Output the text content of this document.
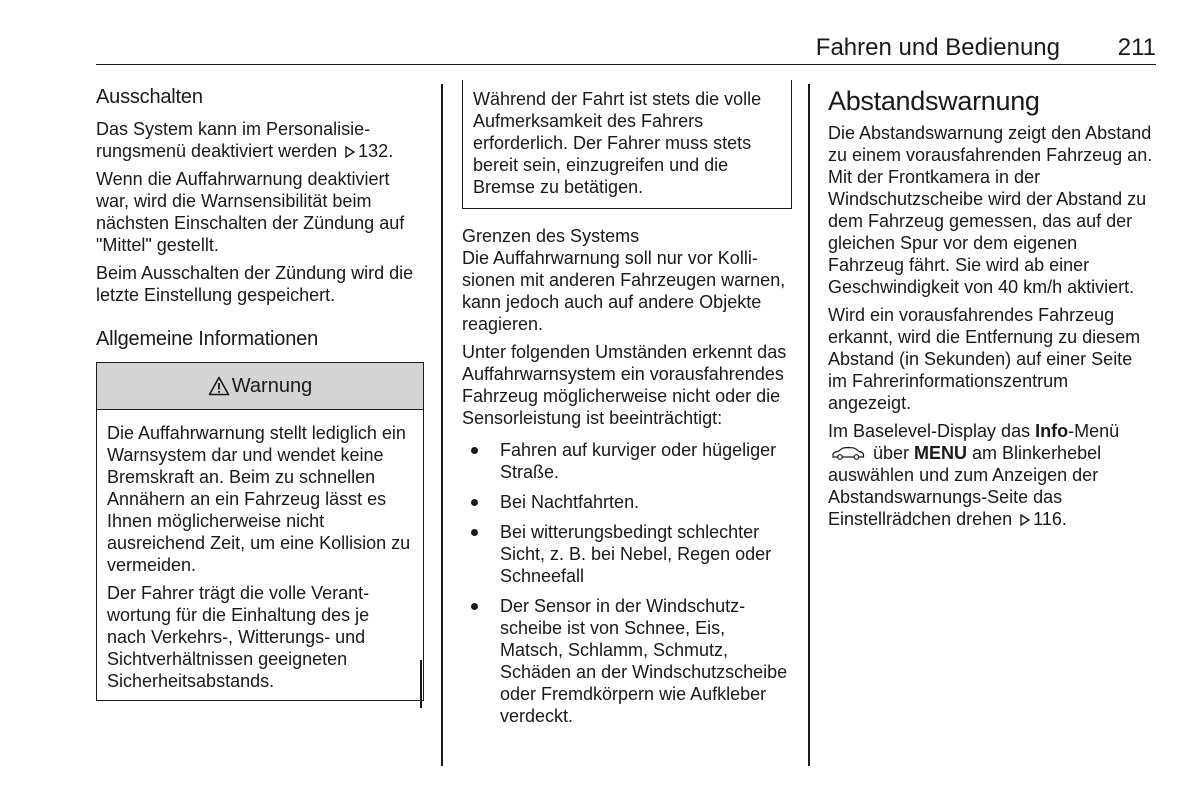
Fahren und Bedienung 211
Ausschalten

Das System kann im Personalisierungsmenü deaktiviert werden 132.

Wenn die Auffahrwarnung deaktiviert war, wird die Warnsensibilität beim nächsten Einschalten der Zündung auf "Mittel" gestellt.

Beim Ausschalten der Zündung wird die letzte Einstellung gespeichert.

Allgemeine Informationen
Warnung

Die Auffahrwarnung stellt lediglich ein Warnsystem dar und wendet keine Bremskraft an. Beim zu schnellen Annähern an ein Fahrzeug lässt es Ihnen möglicherweise nicht ausreichend Zeit, um eine Kollision zu vermeiden.

Der Fahrer trägt die volle Verantwortung für die Einhaltung des je nach Verkehrs-, Witterungs- und Sichtverhältnissen geeigneten Sicherheitsabstands.

Während der Fahrt ist stets die volle Aufmerksamkeit des Fahrers erforderlich. Der Fahrer muss stets bereit sein, einzugreifen und die Bremse zu betätigen.
Grenzen des Systems

Die Auffahrwarnung soll nur vor Kollisionen mit anderen Fahrzeugen warnen, kann jedoch auch auf andere Objekte reagieren.

Unter folgenden Umständen erkennt das Auffahrwarnsystem ein vorausfahrendes Fahrzeug möglicherweise nicht oder die Sensorleistung ist beeinträchtigt:

Fahren auf kurviger oder hügeliger Straße.
Bei Nachtfahrten.
Bei witterungsbedingt schlechter Sicht, z. B. bei Nebel, Regen oder Schneefall
Der Sensor in der Windschutzscheibe ist von Schnee, Eis, Matsch, Schlamm, Schmutz, Schäden an der Windschutzscheibe oder Fremdkörpern wie Aufkleber verdeckt.
Abstandswarnung

Die Abstandswarnung zeigt den Abstand zu einem vorausfahrenden Fahrzeug an. Mit der Frontkamera in der Windschutzscheibe wird der Abstand zu dem Fahrzeug gemessen, das auf der gleichen Spur vor dem eigenen Fahrzeug fährt. Sie wird ab einer Geschwindigkeit von 40 km/h aktiviert.

Wird ein vorausfahrendes Fahrzeug erkannt, wird die Entfernung zu diesem Abstand (in Sekunden) auf einer Seite im Fahrerinformationszentrum angezeigt.

Im Baselevel-Display das Info-Menü  über MENU am Blinkerhebel auswählen und zum Anzeigen der Abstandswarnungs-Seite das Einstellrädchen drehen 116.
